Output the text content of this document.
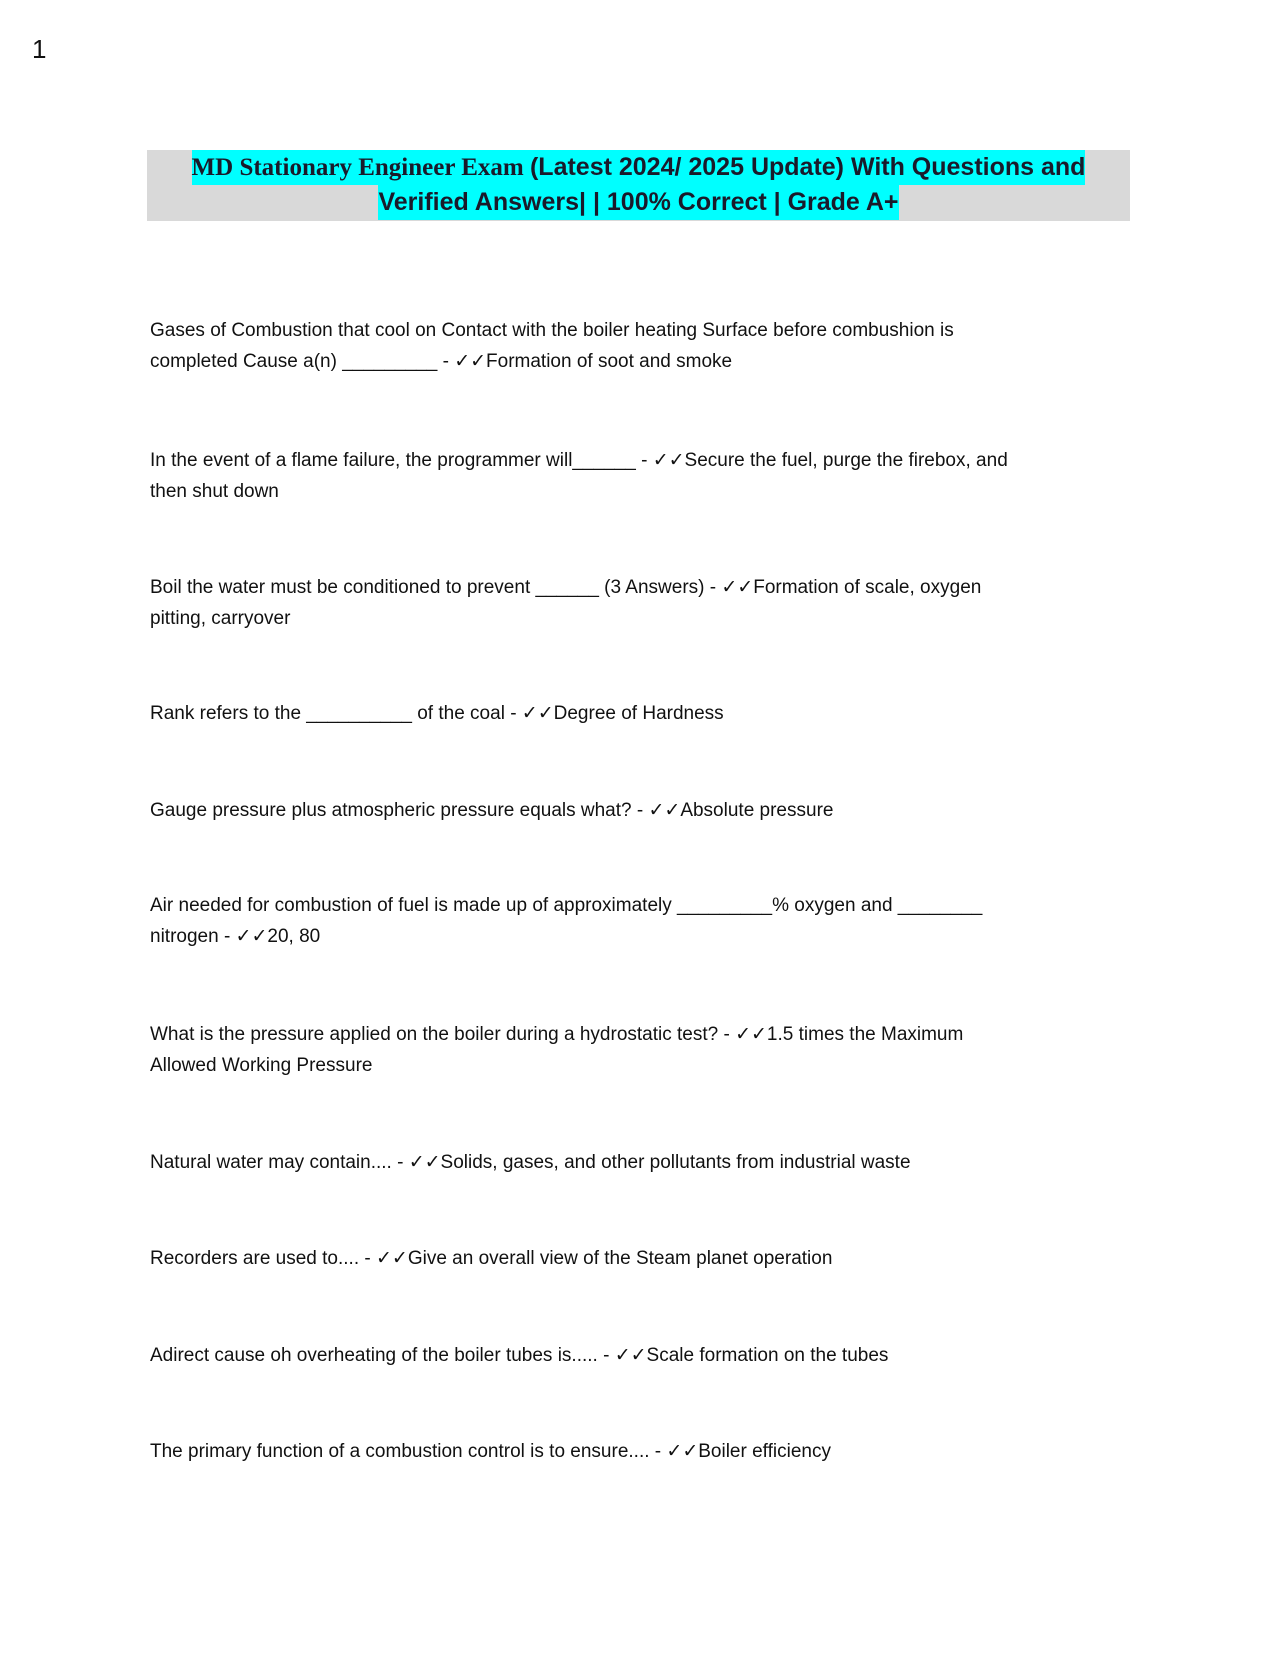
1
MD Stationary Engineer Exam (Latest 2024/ 2025 Update) With Questions and
Verified Answers| | 100% Correct | Grade A+
Gases of Combustion that cool on Contact with the boiler heating Surface before combushion is
completed Cause a(n) _________ - ✓✓Formation of soot and smoke
In the event of a flame failure, the programmer will______ - ✓✓Secure the fuel, purge the firebox, and
then shut down
Boil the water must be conditioned to prevent ______ (3 Answers) - ✓✓Formation of scale, oxygen
pitting, carryover
Rank refers to the __________ of the coal - ✓✓Degree of Hardness
Gauge pressure plus atmospheric pressure equals what? - ✓✓Absolute pressure
Air needed for combustion of fuel is made up of approximately _________% oxygen and ________
nitrogen - ✓✓20, 80
What is the pressure applied on the boiler during a hydrostatic test? - ✓✓1.5 times the Maximum
Allowed Working Pressure
Natural water may contain.... - ✓✓Solids, gases, and other pollutants from industrial waste
Recorders are used to.... - ✓✓Give an overall view of the Steam planet operation
Adirect cause oh overheating of the boiler tubes is..... - ✓✓Scale formation on the tubes
The primary function of a combustion control is to ensure.... - ✓✓Boiler efficiency
